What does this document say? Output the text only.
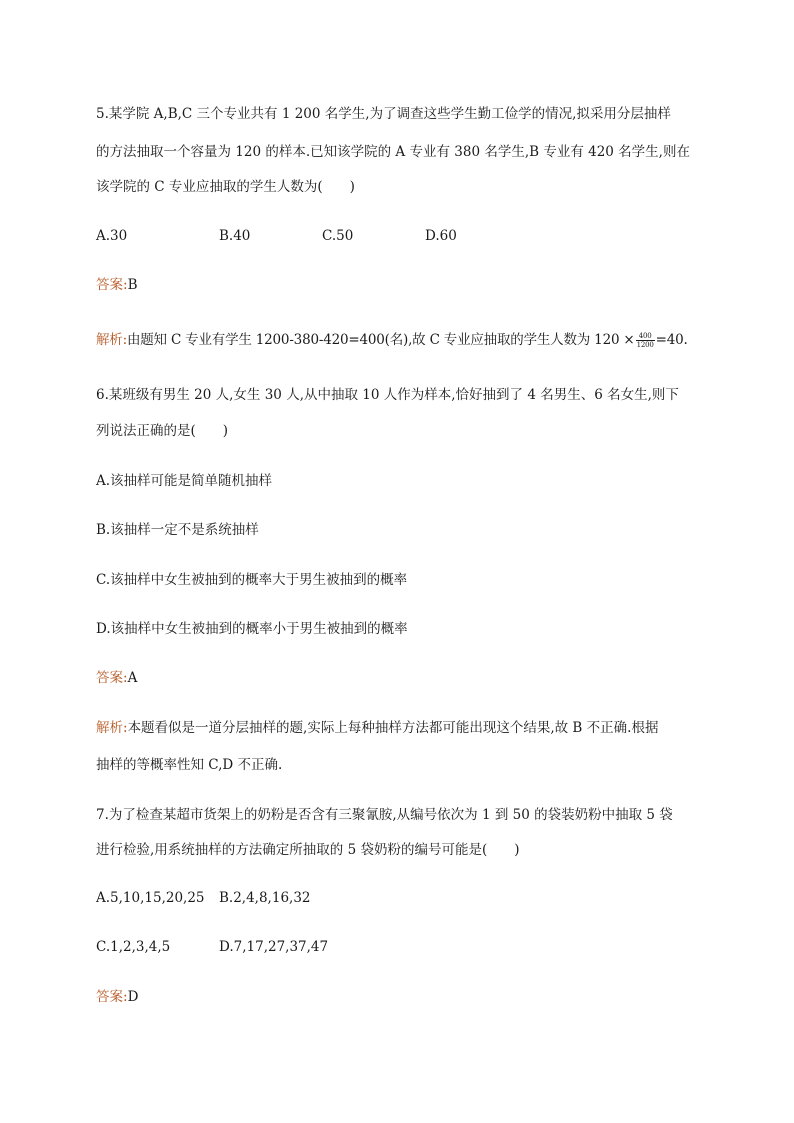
5.某学院 A,B,C 三个专业共有 1 200 名学生,为了调查这些学生勤工俭学的情况,拟采用分层抽样
的方法抽取一个容量为 120 的样本.已知该学院的 A 专业有 380 名学生,B 专业有 420 名学生,则在
该学院的 C 专业应抽取的学生人数为(　　)
A.30	B.40	C.50	D.60
答案:B
解析:由题知 C 专业有学生 1200-380-420=400(名),故 C 专业应抽取的学生人数为 $120 \times \frac{400}{1200} =40$.
6.某班级有男生 20 人,女生 30 人,从中抽取 10 人作为样本,恰好抽到了 4 名男生、6 名女生,则下
列说法正确的是(　　)
A.该抽样可能是简单随机抽样
B.该抽样一定不是系统抽样
C.该抽样中女生被抽到的概率大于男生被抽到的概率
D.该抽样中女生被抽到的概率小于男生被抽到的概率
答案:A
解析:本题看似是一道分层抽样的题,实际上每种抽样方法都可能出现这个结果,故 B 不正确.根据
抽样的等概率性知 C,D 不正确.
7.为了检查某超市货架上的奶粉是否含有三聚氰胺,从编号依次为 1 到 50 的袋装奶粉中抽取 5 袋
进行检验,用系统抽样的方法确定所抽取的 5 袋奶粉的编号可能是(　　)
A.5,10,15,20,25 B.2,4,8,16,32
C.1,2,3,4,5	D.7,17,27,37,47
答案:D
